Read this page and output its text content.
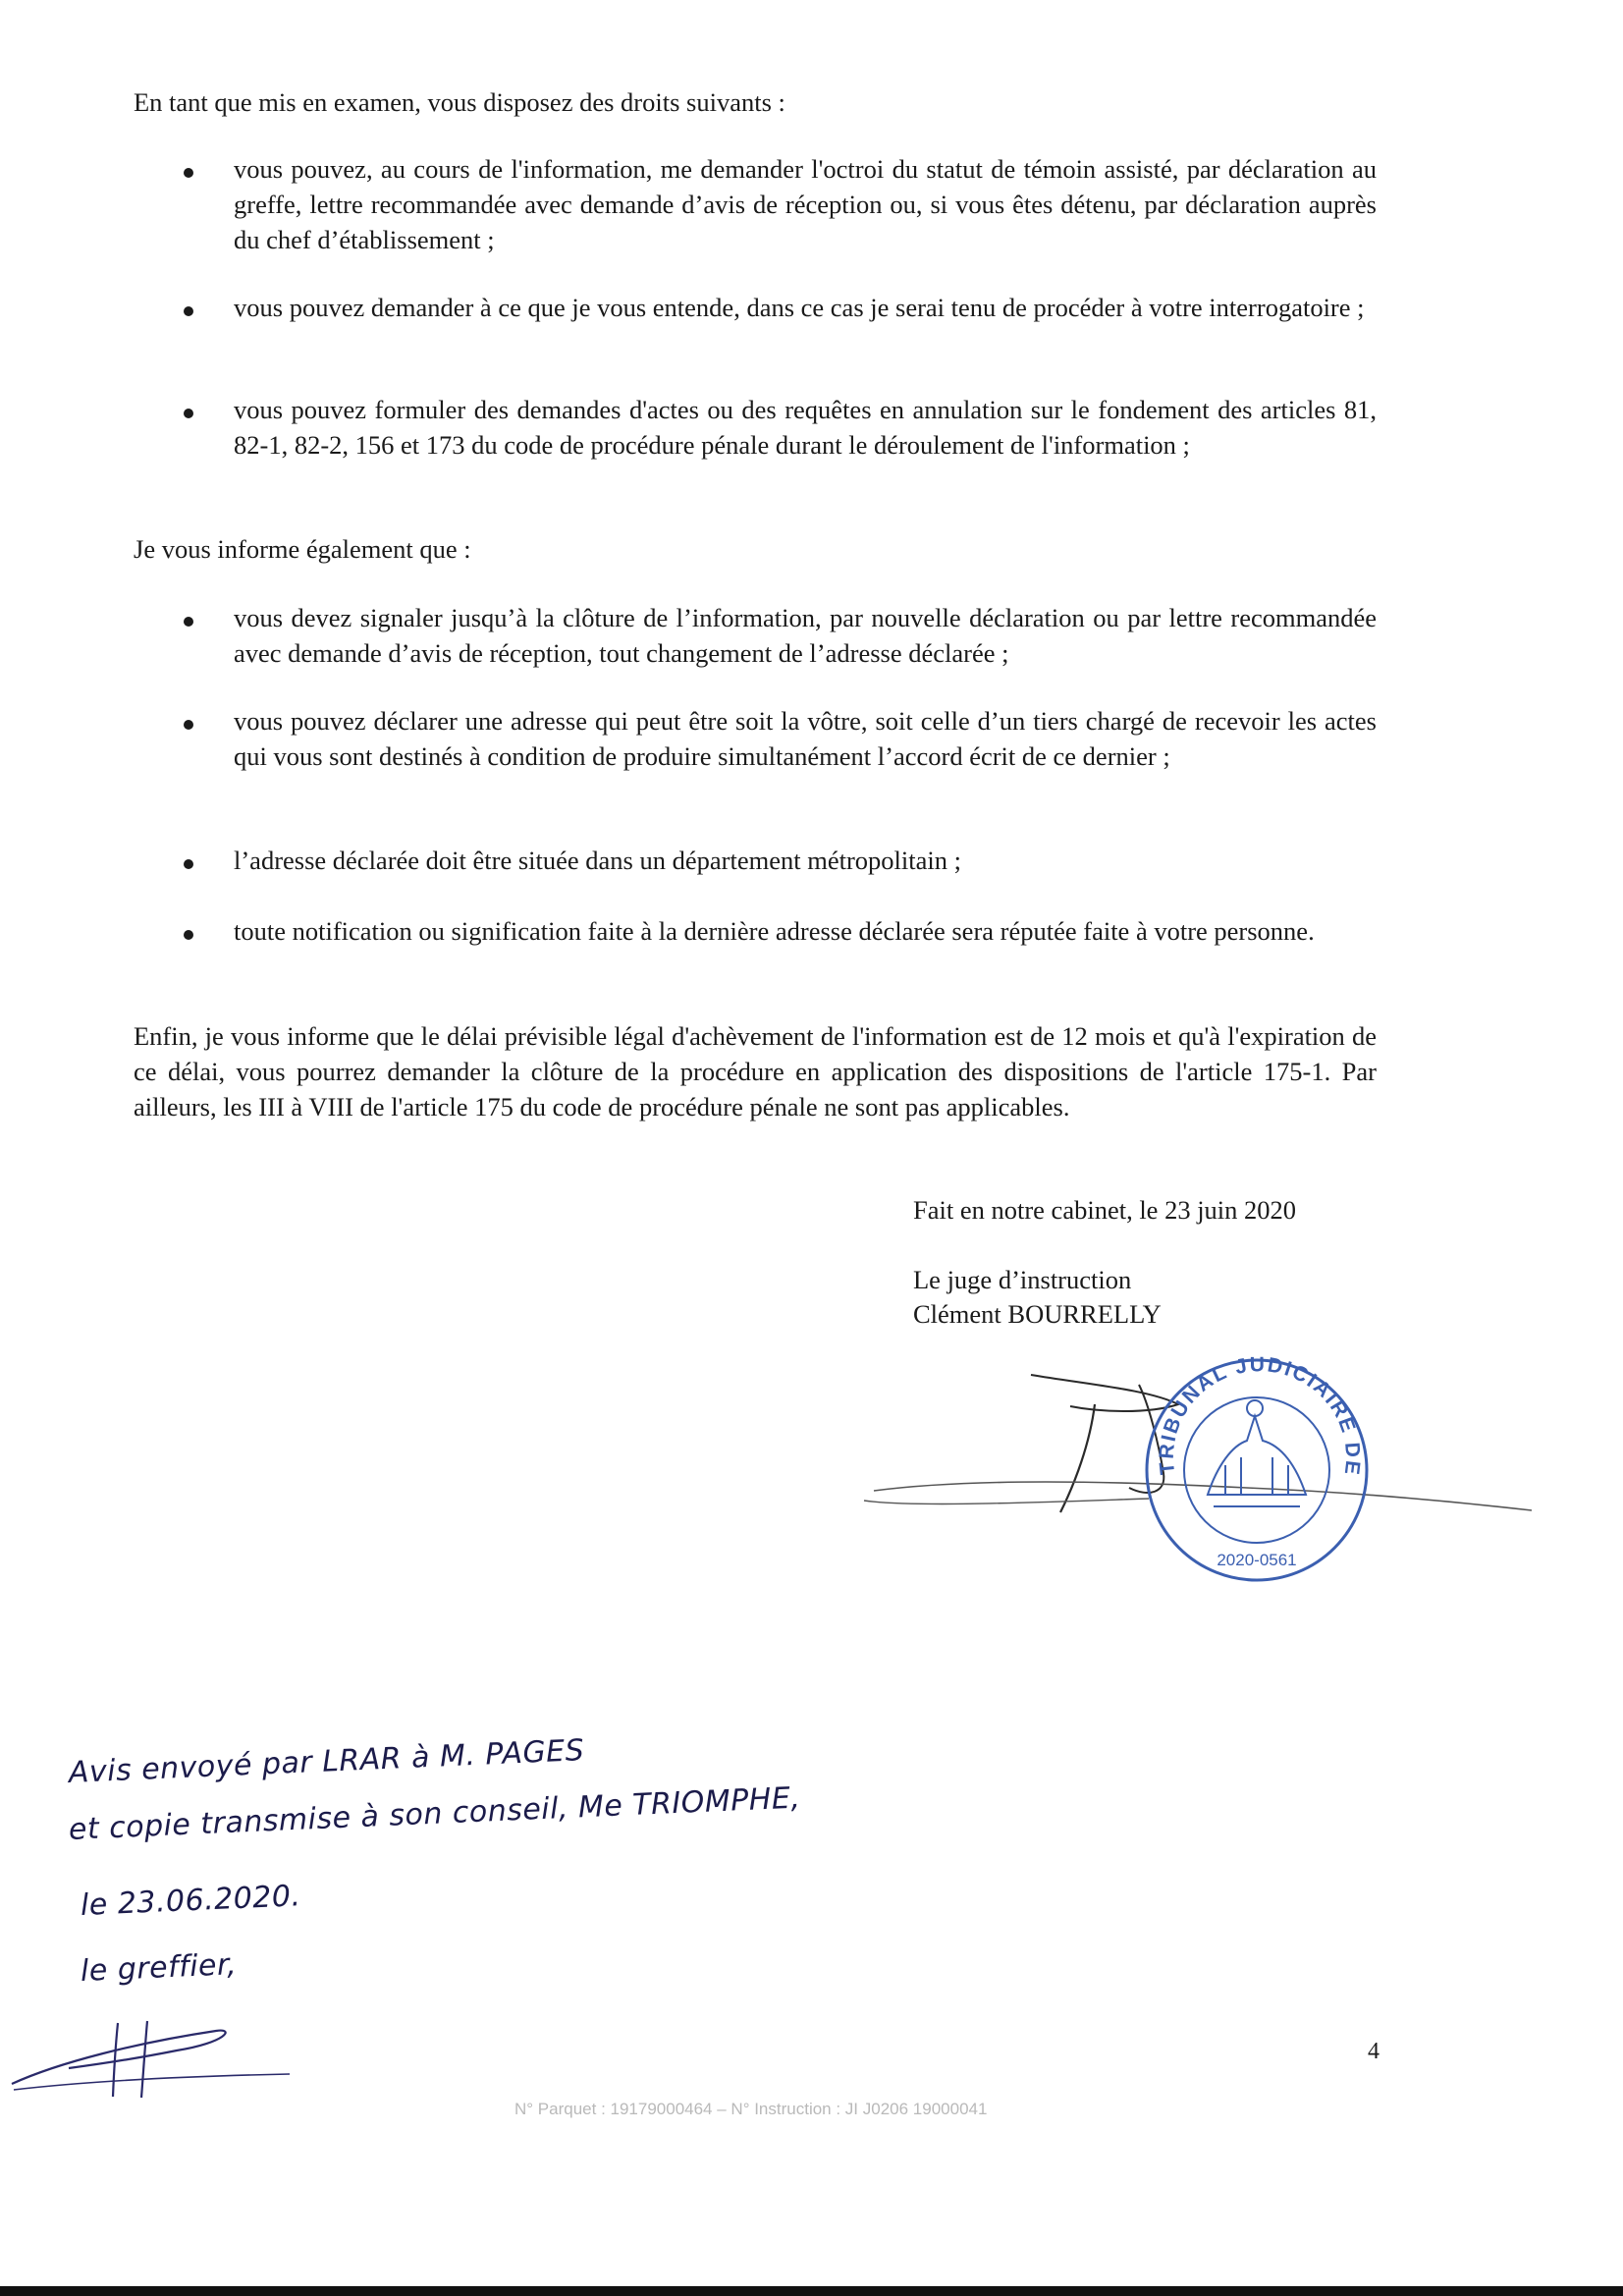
En tant que mis en examen, vous disposez des droits suivants :

vous pouvez, au cours de l'information, me demander l'octroi du statut de témoin assisté, par déclaration au greffe, lettre recommandée avec demande d’avis de réception ou, si vous êtes détenu, par déclaration auprès du chef d’établissement ;

vous pouvez demander à ce que je vous entende, dans ce cas je serai tenu de procéder à votre interrogatoire ;

vous pouvez formuler des demandes d'actes ou des requêtes en annulation sur le fondement des articles 81, 82-1, 82-2, 156 et 173 du code de procédure pénale durant le déroulement de l'information ;

Je vous informe également que :

vous devez signaler jusqu’à la clôture de l’information, par nouvelle déclaration ou par lettre recommandée avec demande d’avis de réception, tout changement de l’adresse déclarée ;

vous pouvez déclarer une adresse qui peut être soit la vôtre, soit celle d’un tiers chargé de recevoir les actes qui vous sont destinés à condition de produire simultanément l’accord écrit de ce dernier ;

l’adresse déclarée doit être située dans un département métropolitain ;

toute notification ou signification faite à la dernière adresse déclarée sera réputée faite à votre personne.

Enfin, je vous informe que le délai prévisible légal d'achèvement de l'information est de 12 mois et qu'à l'expiration de ce délai, vous pourrez demander la clôture de la procédure en application des dispositions de l'article 175-1. Par ailleurs, les III à VIII de l'article 175 du code de procédure pénale ne sont pas applicables.

Fait en notre cabinet, le 23 juin 2020
Le juge d’instruction
Clément BOURRELLY
TRIBUNAL JUDICIAIRE DE
2020-0561
Avis envoyé par LRAR à M. PAGES
et copie transmise à son conseil, Me TRIOMPHE,
le 23.06.2020.
le greffier,
4
N° Parquet : 19179000464 – N° Instruction : JI J0206 19000041
